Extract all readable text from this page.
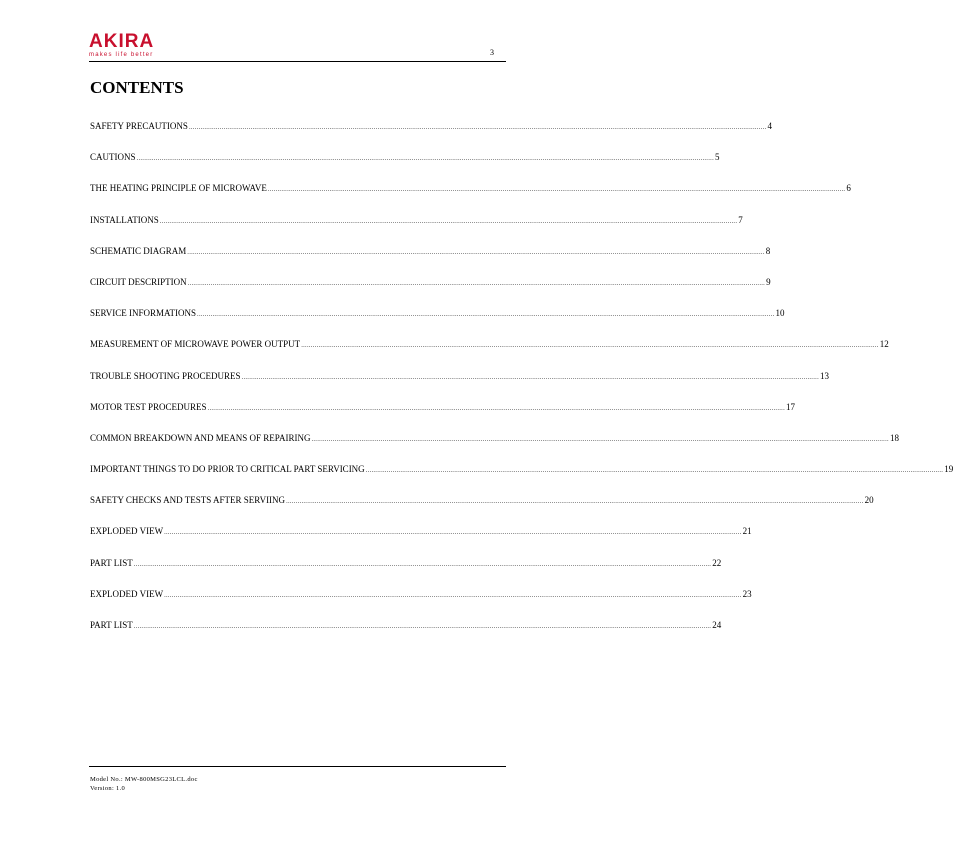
AKIRA
makes life better	3
CONTENTS
SAFETY PRECAUTIONS ............................................................................................................................................................................................................................................................................................................ 4
CAUTIONS ............................................................................................................................................................................................................................................................................................................ 5
THE HEATING PRINCIPLE OF MICROWAVE ............................................................................................................................................................................................................................................................................................................ 6
INSTALLATIONS ............................................................................................................................................................................................................................................................................................................ 7
SCHEMATIC DIAGRAM ............................................................................................................................................................................................................................................................................................................ 8
CIRCUIT DESCRIPTION ............................................................................................................................................................................................................................................................................................................ 9
SERVICE INFORMATIONS ............................................................................................................................................................................................................................................................................................................ 10
MEASUREMENT OF MICROWAVE POWER OUTPUT ............................................................................................................................................................................................................................................................................................................ 12
TROUBLE SHOOTING PROCEDURES ............................................................................................................................................................................................................................................................................................................ 13
MOTOR TEST PROCEDURES ............................................................................................................................................................................................................................................................................................................ 17
COMMON BREAKDOWN AND MEANS OF REPAIRING ............................................................................................................................................................................................................................................................................................................ 18
IMPORTANT THINGS TO DO PRIOR TO CRITICAL PART SERVICING ............................................................................................................................................................................................................................................................................................................ 19
SAFETY CHECKS AND TESTS AFTER SERVIING ............................................................................................................................................................................................................................................................................................................ 20
EXPLODED VIEW ............................................................................................................................................................................................................................................................................................................ 21
PART LIST ............................................................................................................................................................................................................................................................................................................ 22
EXPLODED VIEW ............................................................................................................................................................................................................................................................................................................ 23
PART LIST ............................................................................................................................................................................................................................................................................................................ 24
Model No.: MW-800MSG23LCL.doc
Version: 1.0
